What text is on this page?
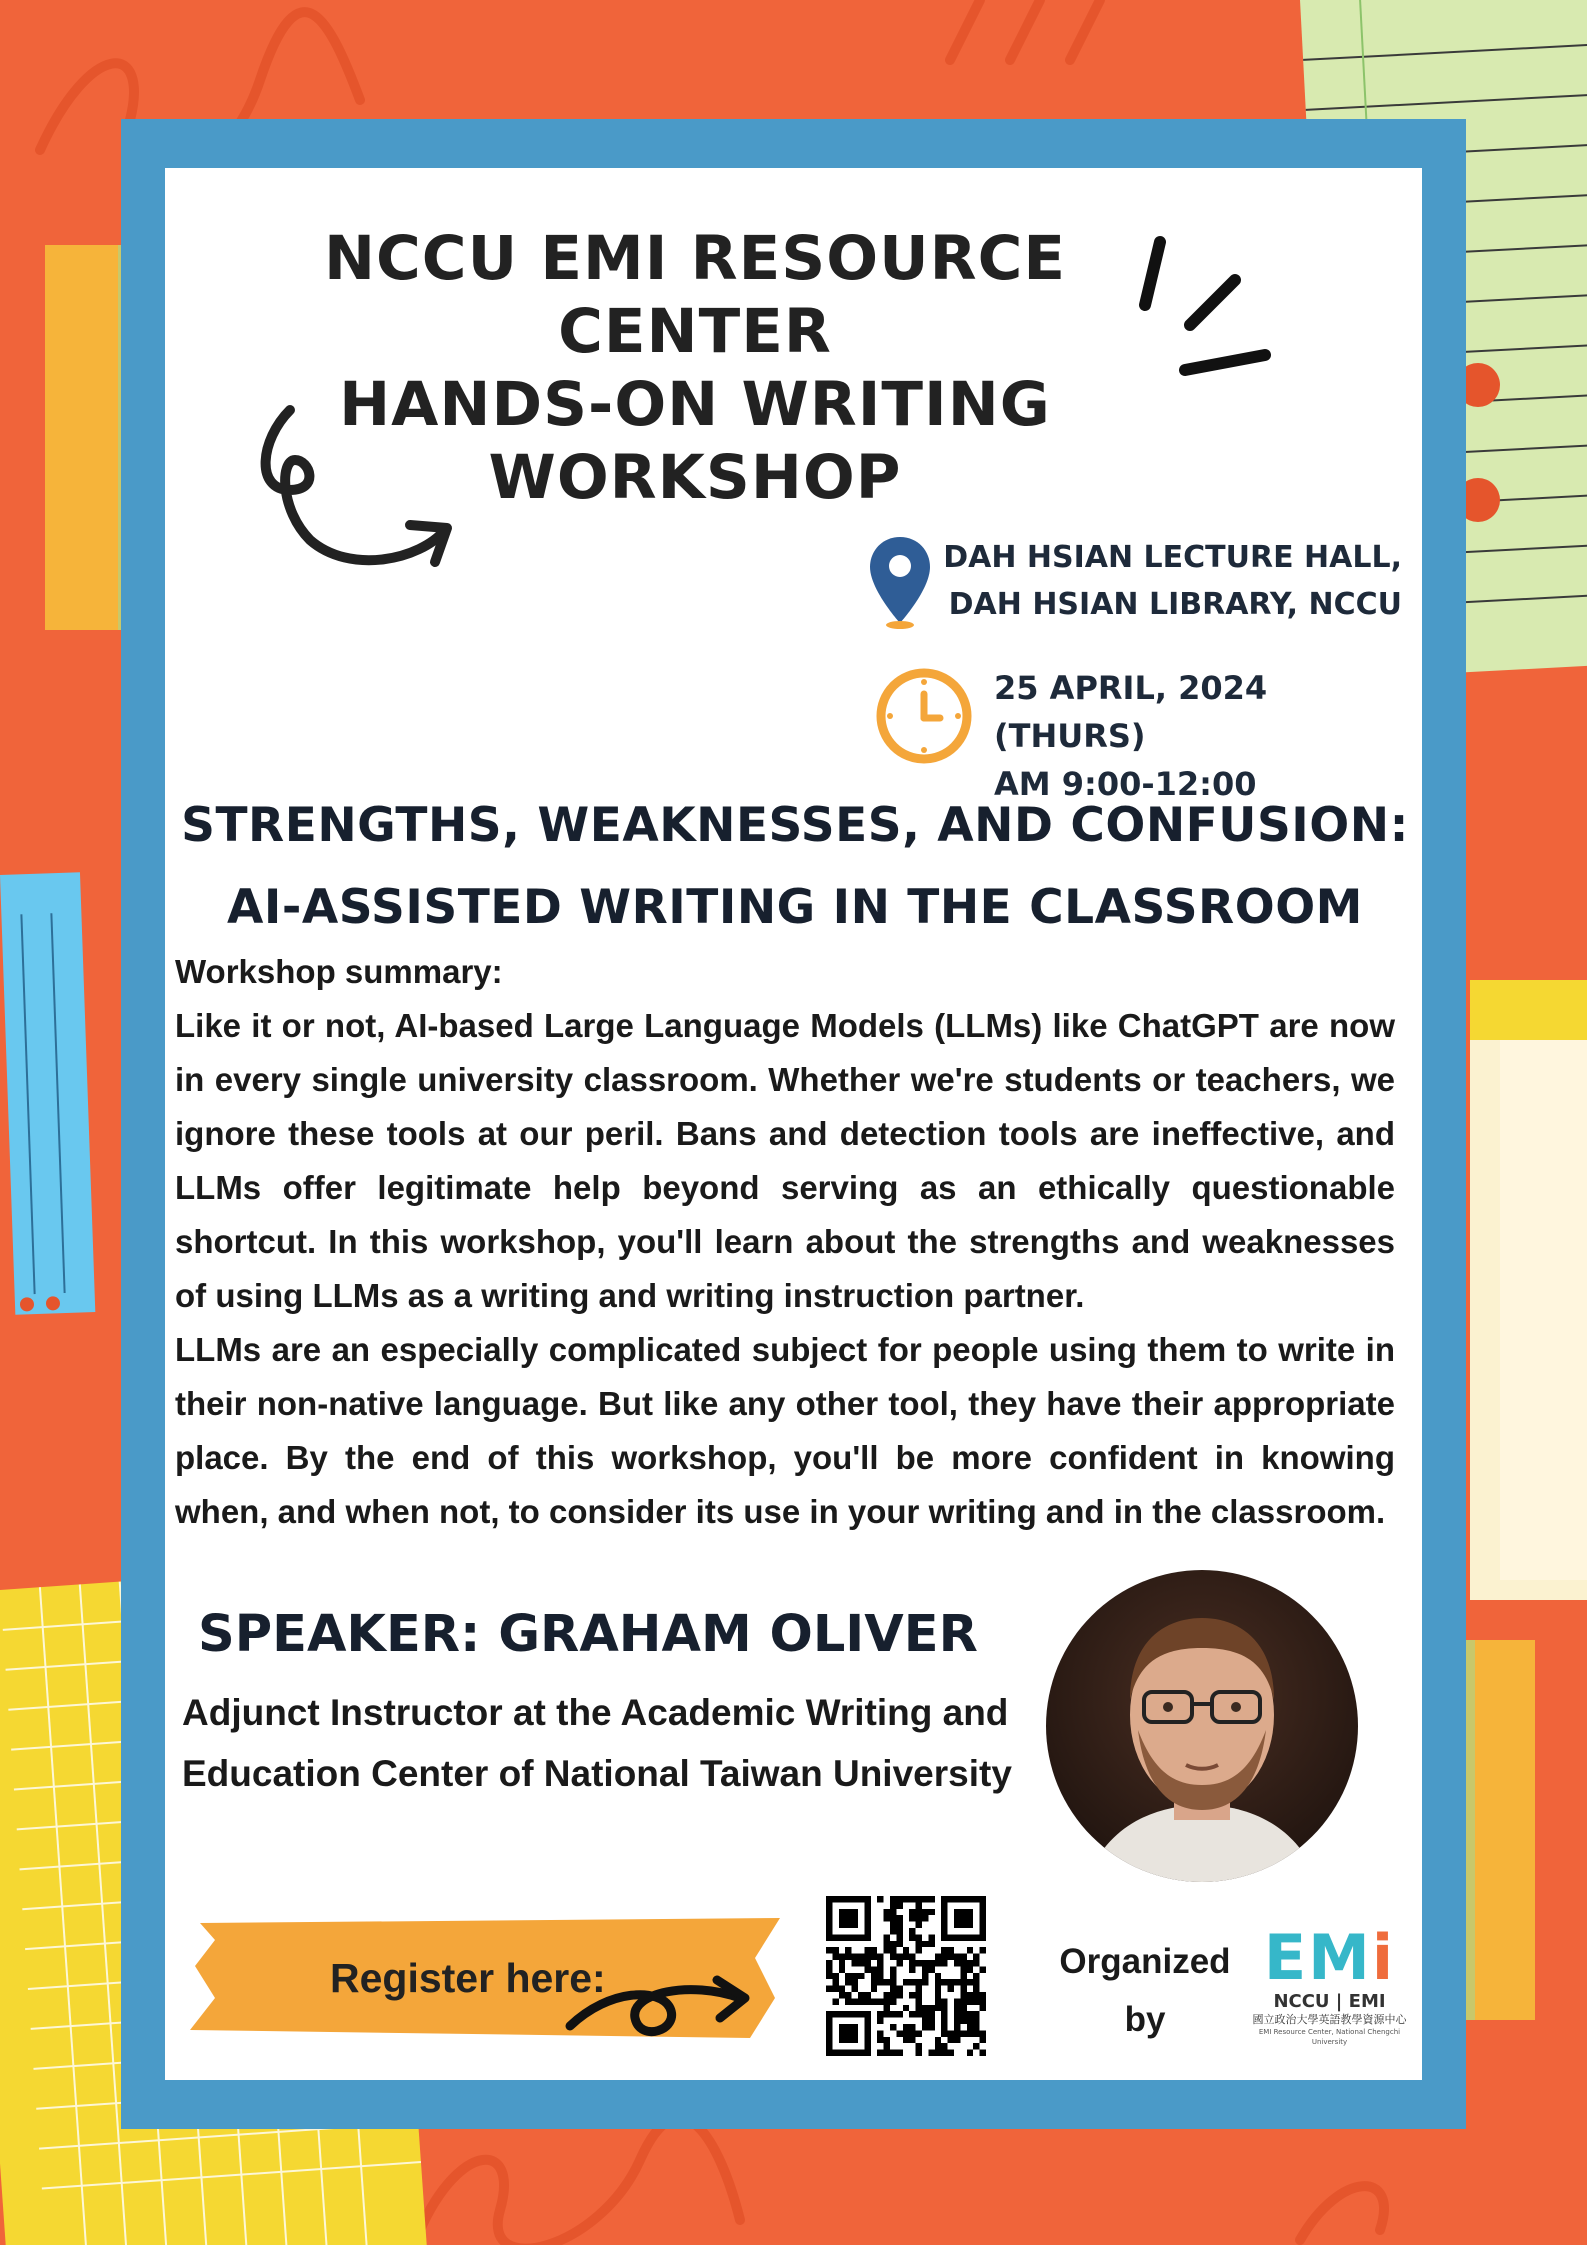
NCCU EMI RESOURCE CENTER
HANDS-ON WRITING
WORKSHOP
DAH HSIAN LECTURE HALL,
DAH HSIAN LIBRARY, NCCU
25 APRIL, 2024 (THURS)
AM 9:00-12:00
STRENGTHS, WEAKNESSES, AND CONFUSION:
AI-ASSISTED WRITING IN THE CLASSROOM

Workshop summary:

Like it or not, AI-based Large Language Models (LLMs) like ChatGPT are now in every single university classroom. Whether we're students or teachers, we ignore these tools at our peril. Bans and detection tools are ineffective, and LLMs offer legitimate help beyond serving as an ethically questionable shortcut. In this workshop, you'll learn about the strengths and weaknesses of using LLMs as a writing and writing instruction partner.

LLMs are an especially complicated subject for people using them to write in their non-native language. But like any other tool, they have their appropriate place. By the end of this workshop, you'll be more confident in knowing when, and when not, to consider its use in your writing and in the classroom.

SPEAKER: GRAHAM OLIVER
Adjunct Instructor at the Academic Writing and
Education Center of National Taiwan University
Register here:	Organized
by
EMi
NCCU | EMI
國立政治大學英語教學資源中心
EMI Resource Center, National Chengchi University
